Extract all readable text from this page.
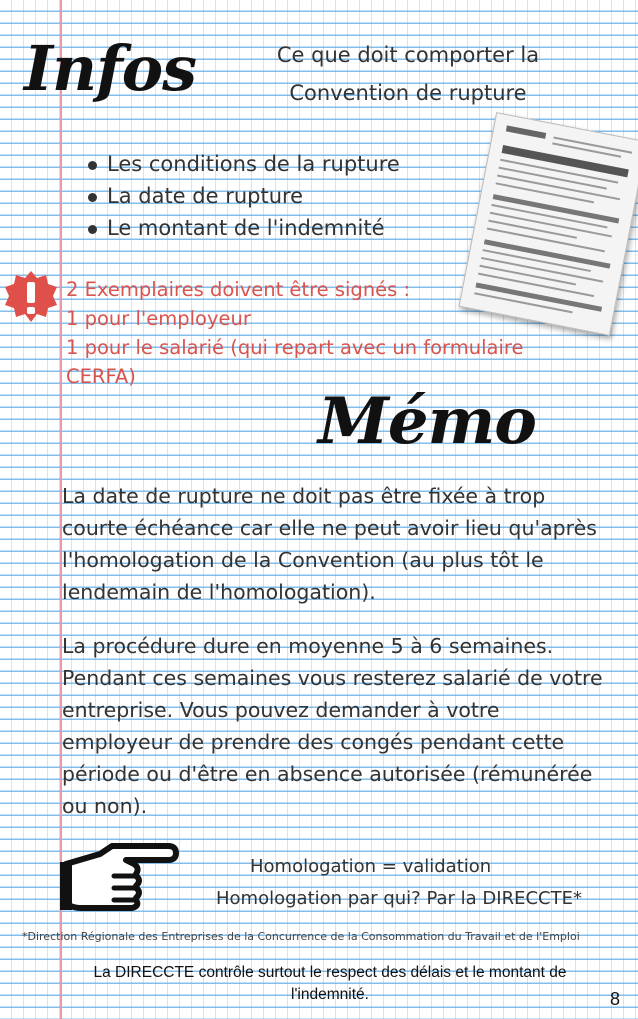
Infos	Ce que doit comporter la
Convention de rupture
Les conditions de la rupture
La date de rupture
Le montant de l'indemnité
2 Exemplaires doivent être signés :
1 pour l'employeur
1 pour le salarié (qui repart avec un formulaire
CERFA)
Mémo

La date de rupture ne doit pas être fixée à trop courte échéance car elle ne peut avoir lieu qu'après l'homologation de la Convention (au plus tôt le lendemain de l'homologation).

La procédure dure en moyenne 5 à 6 semaines. Pendant ces semaines vous resterez salarié de votre entreprise. Vous pouvez demander à votre employeur de prendre des congés pendant cette période ou d'être en absence autorisée (rémunérée ou non).

Homologation = validation
Homologation par qui? Par la DIRECCTE*
*Direction Régionale des Entreprises de la Concurrence de la Consommation du Travail et de l'Emploi
La DIRECCTE contrôle surtout le respect des délais et le montant de l'indemnité.	8
